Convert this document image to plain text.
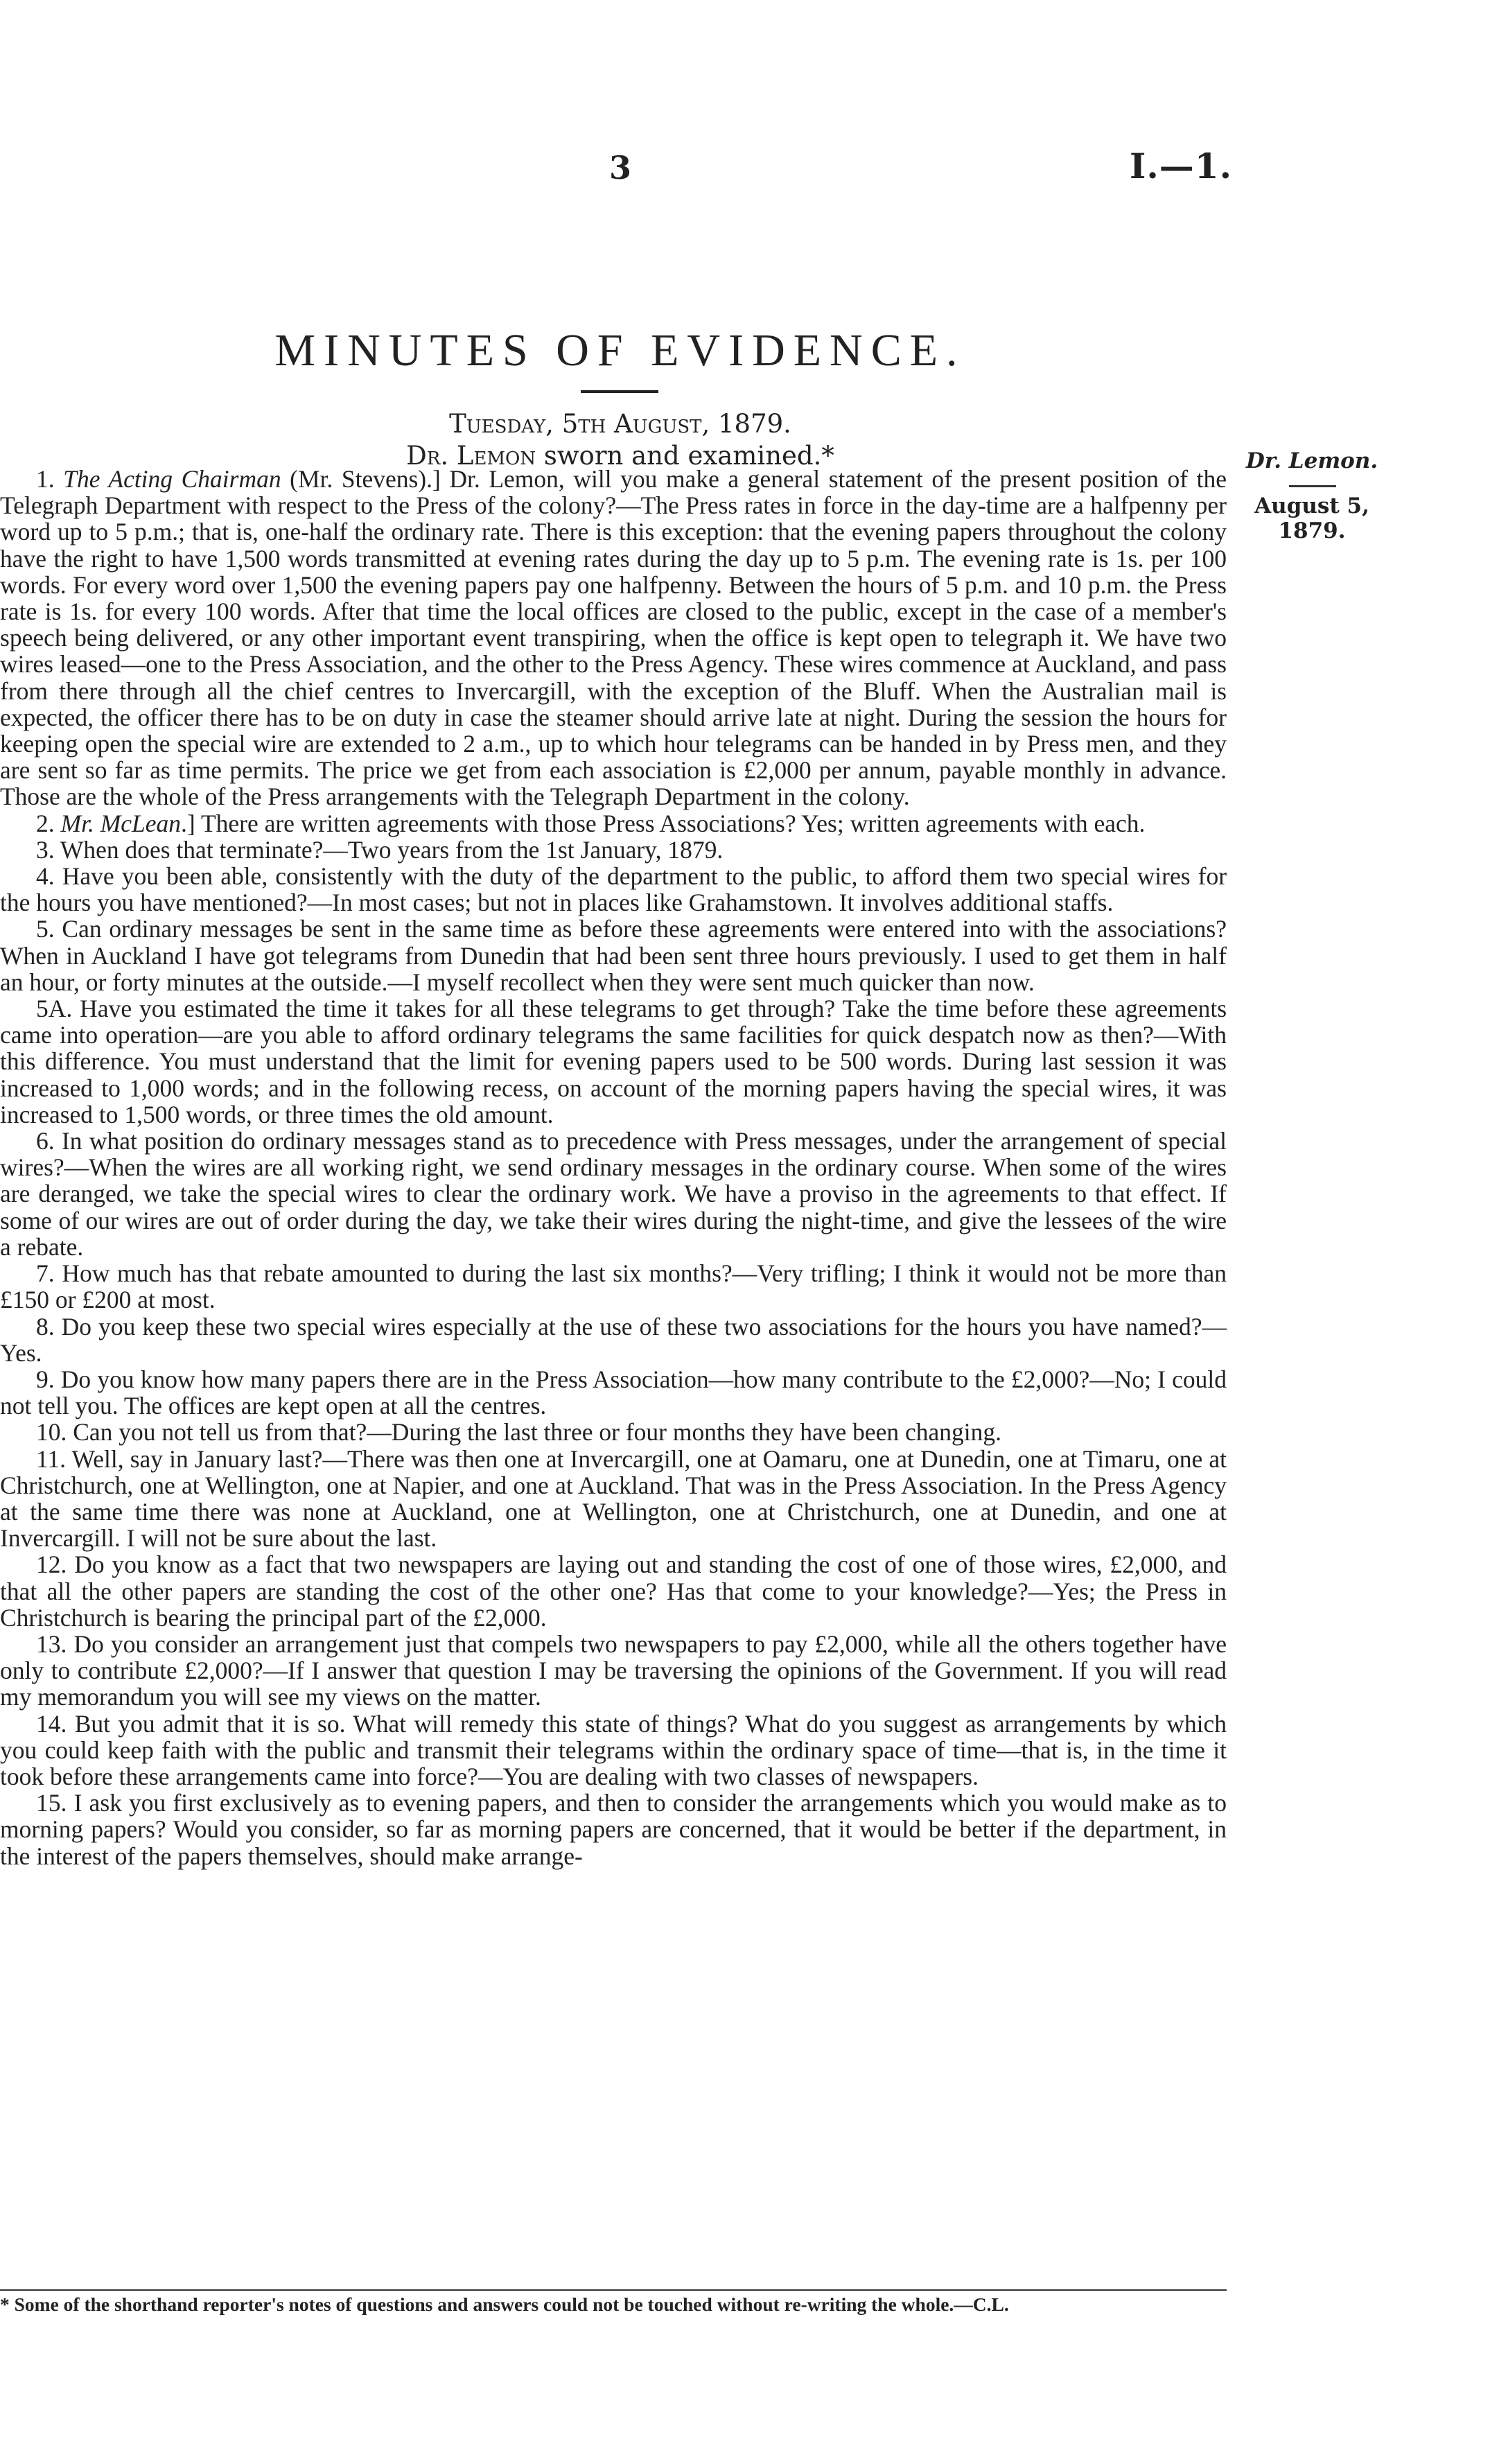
3	I.—1.
MINUTES OF EVIDENCE.
Tuesday, 5th August, 1879.
Dr. Lemon sworn and examined.*	Dr. Lemon.
August 5, 1879.

1. The Acting Chairman (Mr. Stevens).] Dr. Lemon, will you make a general statement of the present position of the Telegraph Department with respect to the Press of the colony?—The Press rates in force in the day-time are a halfpenny per word up to 5 p.m.; that is, one-half the ordinary rate. There is this exception: that the evening papers throughout the colony have the right to have 1,500 words transmitted at evening rates during the day up to 5 p.m. The evening rate is 1s. per 100 words. For every word over 1,500 the evening papers pay one halfpenny. Between the hours of 5 p.m. and 10 p.m. the Press rate is 1s. for every 100 words. After that time the local offices are closed to the public, except in the case of a member's speech being delivered, or any other important event transpiring, when the office is kept open to telegraph it. We have two wires leased—one to the Press Association, and the other to the Press Agency. These wires commence at Auckland, and pass from there through all the chief centres to Invercargill, with the exception of the Bluff. When the Australian mail is expected, the officer there has to be on duty in case the steamer should arrive late at night. During the session the hours for keeping open the special wire are extended to 2 a.m., up to which hour telegrams can be handed in by Press men, and they are sent so far as time permits. The price we get from each association is £2,000 per annum, payable monthly in advance. Those are the whole of the Press arrangements with the Telegraph Department in the colony.

2. Mr. McLean.] There are written agreements with those Press Associations? Yes; written agreements with each.

3. When does that terminate?—Two years from the 1st January, 1879.

4. Have you been able, consistently with the duty of the department to the public, to afford them two special wires for the hours you have mentioned?—In most cases; but not in places like Grahamstown. It involves additional staffs.

5. Can ordinary messages be sent in the same time as before these agreements were entered into with the associations? When in Auckland I have got telegrams from Dunedin that had been sent three hours previously. I used to get them in half an hour, or forty minutes at the outside.—I myself recollect when they were sent much quicker than now.

5A. Have you estimated the time it takes for all these telegrams to get through? Take the time before these agreements came into operation—are you able to afford ordinary telegrams the same facilities for quick despatch now as then?—With this difference. You must understand that the limit for evening papers used to be 500 words. During last session it was increased to 1,000 words; and in the following recess, on account of the morning papers having the special wires, it was increased to 1,500 words, or three times the old amount.

6. In what position do ordinary messages stand as to precedence with Press messages, under the arrangement of special wires?—When the wires are all working right, we send ordinary messages in the ordinary course. When some of the wires are deranged, we take the special wires to clear the ordinary work. We have a proviso in the agreements to that effect. If some of our wires are out of order during the day, we take their wires during the night-time, and give the lessees of the wire a rebate.

7. How much has that rebate amounted to during the last six months?—Very trifling; I think it would not be more than £150 or £200 at most.

8. Do you keep these two special wires especially at the use of these two associations for the hours you have named?—Yes.

9. Do you know how many papers there are in the Press Association—how many contribute to the £2,000?—No; I could not tell you. The offices are kept open at all the centres.

10. Can you not tell us from that?—During the last three or four months they have been changing.

11. Well, say in January last?—There was then one at Invercargill, one at Oamaru, one at Dunedin, one at Timaru, one at Christchurch, one at Wellington, one at Napier, and one at Auckland. That was in the Press Association. In the Press Agency at the same time there was none at Auckland, one at Wellington, one at Christchurch, one at Dunedin, and one at Invercargill. I will not be sure about the last.

12. Do you know as a fact that two newspapers are laying out and standing the cost of one of those wires, £2,000, and that all the other papers are standing the cost of the other one? Has that come to your knowledge?—Yes; the Press in Christchurch is bearing the principal part of the £2,000.

13. Do you consider an arrangement just that compels two newspapers to pay £2,000, while all the others together have only to contribute £2,000?—If I answer that question I may be traversing the opinions of the Government. If you will read my memorandum you will see my views on the matter.

14. But you admit that it is so. What will remedy this state of things? What do you suggest as arrangements by which you could keep faith with the public and transmit their telegrams within the ordinary space of time—that is, in the time it took before these arrangements came into force?—You are dealing with two classes of newspapers.

15. I ask you first exclusively as to evening papers, and then to consider the arrangements which you would make as to morning papers? Would you consider, so far as morning papers are concerned, that it would be better if the department, in the interest of the papers themselves, should make arrange-

* Some of the shorthand reporter's notes of questions and answers could not be touched without re-writing the whole.—C.L.
